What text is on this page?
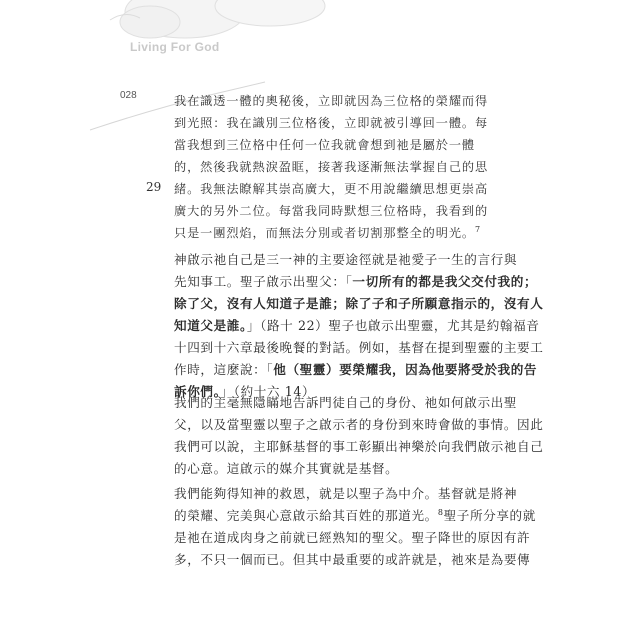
Living For God
028
29
我在識透一體的奧秘後，立即就因為三位格的榮耀而得
到光照：我在識別三位格後，立即就被引導回一體。每
當我想到三位格中任何一位我就會想到祂是屬於一體
的，然後我就熱淚盈眶，接著我逐漸無法掌握自己的思
緒。我無法瞭解其崇高廣大，更不用說繼續思想更崇高
廣大的另外二位。每當我同時默想三位格時，我看到的
只是一團烈焰，而無法分別或者切割那整全的明光。$^7$
神啟示祂自己是三一神的主要途徑就是祂愛子一生的言行與
先知事工。聖子啟示出聖父：「一切所有的都是我父交付我的；
除了父，沒有人知道子是誰；除了子和子所願意指示的，沒有人
知道父是誰。」（路十 22）聖子也啟示出聖靈，尤其是約翰福音
十四到十六章最後晚餐的對話。例如，基督在提到聖靈的主要工
作時，這麼說：「他（聖靈）要榮耀我，因為他要將受於我的告
訴你們。」（約十六 14）
我們的主毫無隱瞞地告訴門徒自己的身份、祂如何啟示出聖
父，以及當聖靈以聖子之啟示者的身份到來時會做的事情。因此
我們可以說，主耶穌基督的事工彰顯出神樂於向我們啟示祂自己
的心意。這啟示的媒介其實就是基督。
我們能夠得知神的救恩，就是以聖子為中介。基督就是將神
的榮耀、完美與心意啟示給其百姓的那道光。$^8$聖子所分享的就
是祂在道成肉身之前就已經熟知的聖父。聖子降世的原因有許
多，不只一個而已。但其中最重要的或許就是，祂來是為要傳
